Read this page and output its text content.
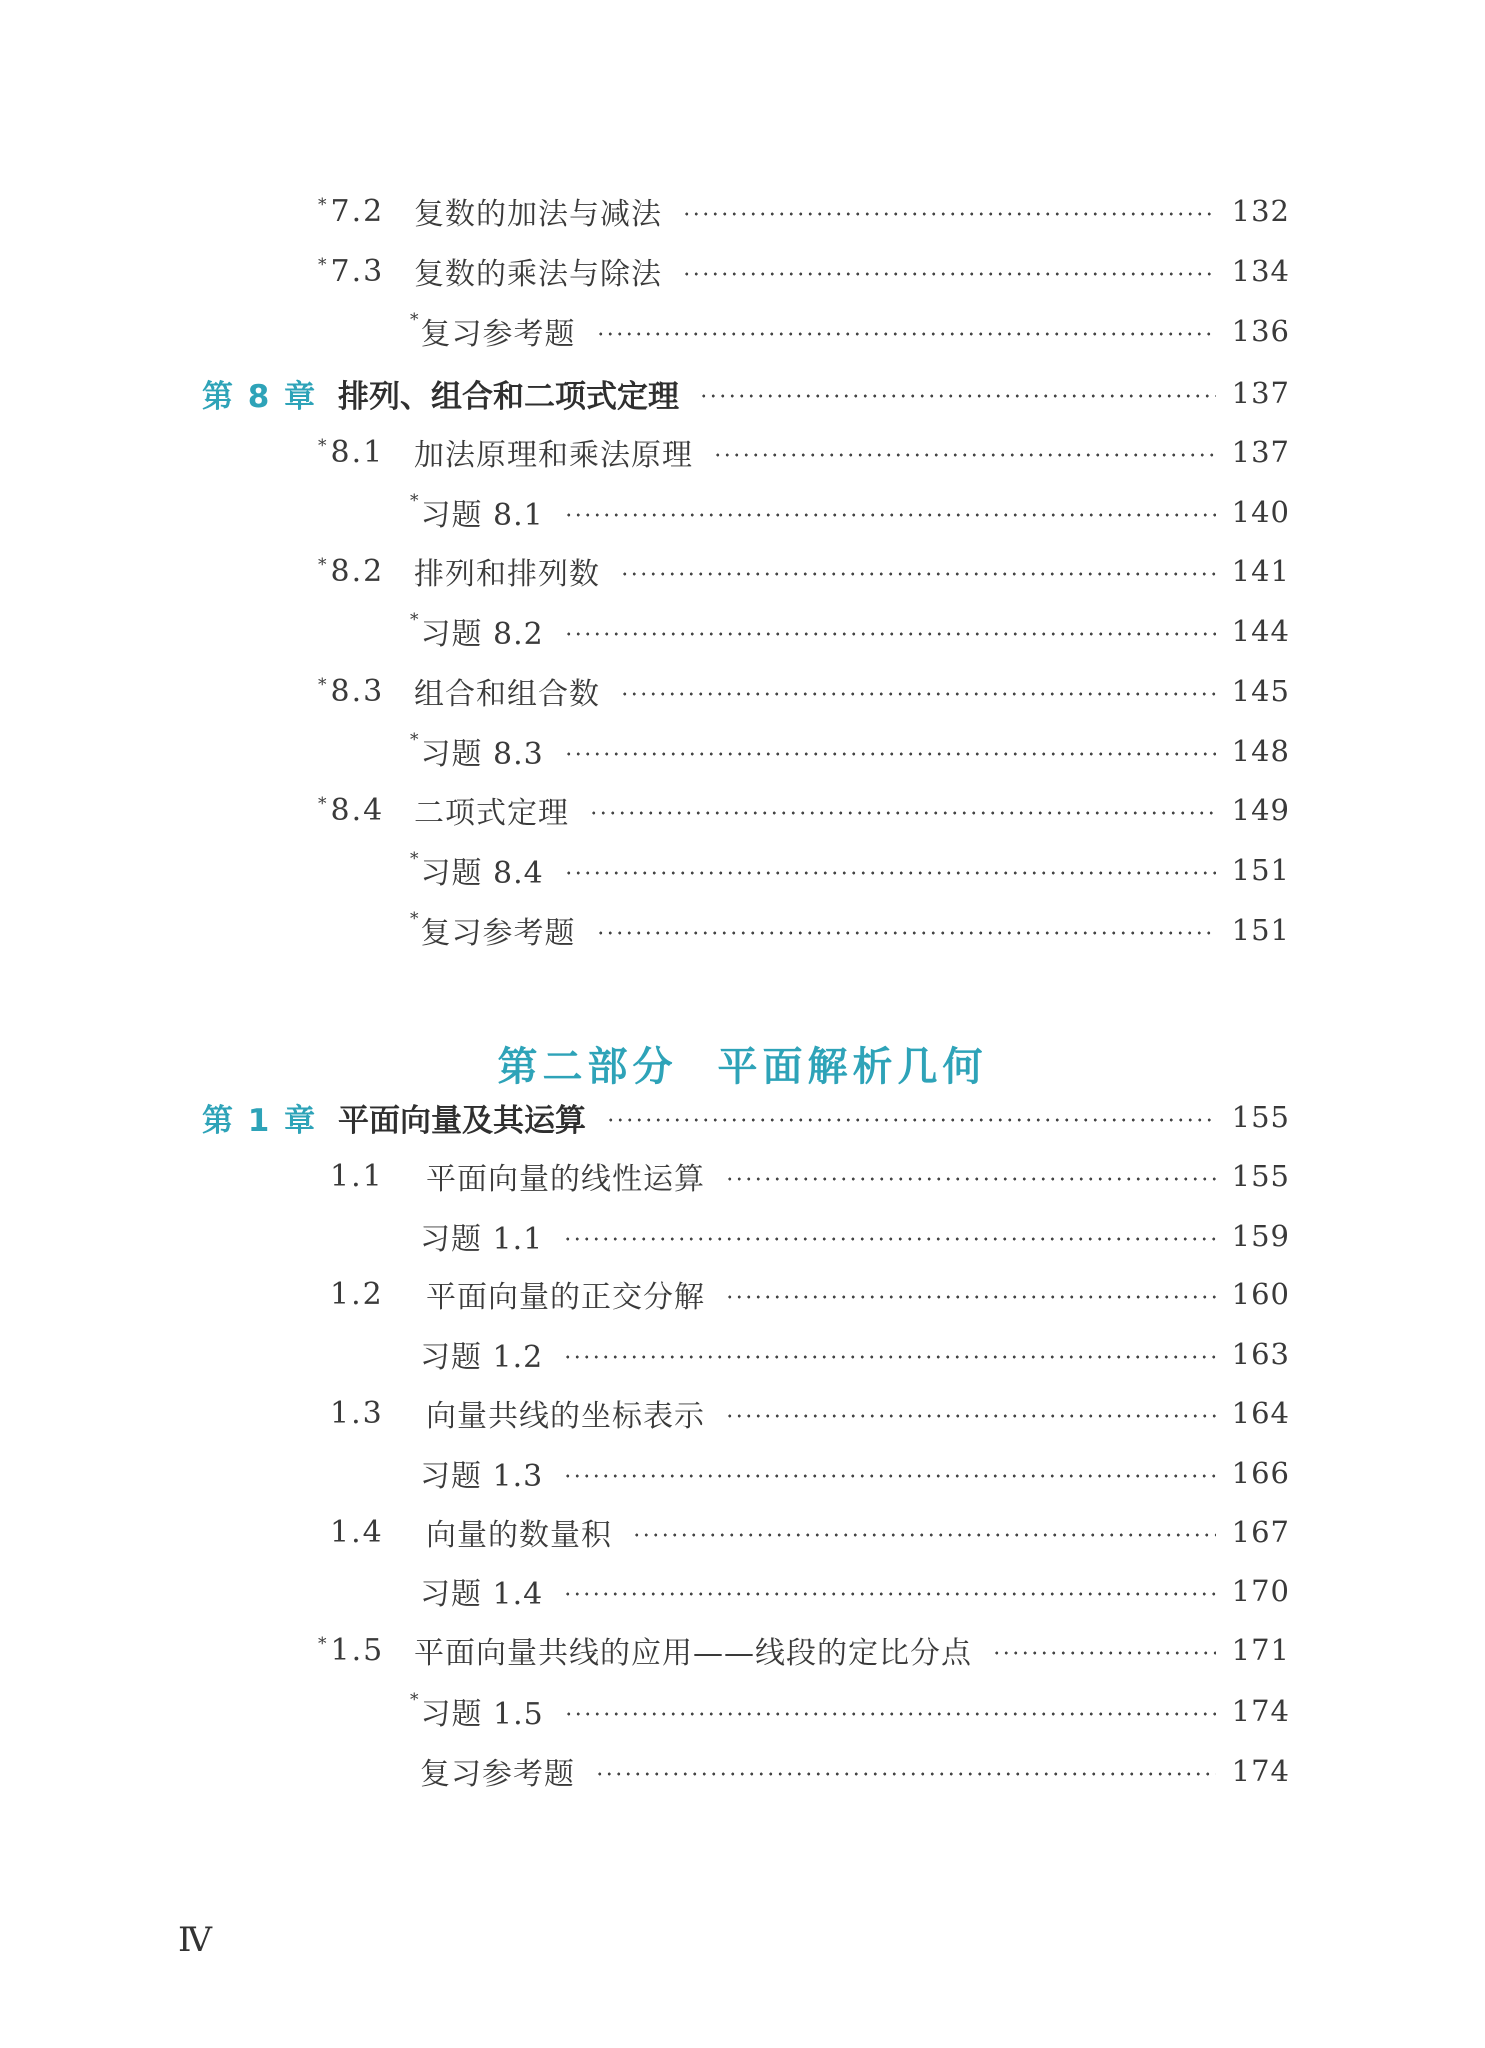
*7.2 复数的加法与减法	132
*7.3 复数的乘法与除法	134
* 复习参考题	136
第 8 章 排列、组合和二项式定理	137
*8.1 加法原理和乘法原理	137
* 习题 8.1	140
*8.2 排列和排列数	141
* 习题 8.2	144
*8.3 组合和组合数	145
* 习题 8.3	148
*8.4 二项式定理	149
* 习题 8.4	151
* 复习参考题	151
第 1 章 平面向量及其运算	155
1.1	平面向量的线性运算	155
习题 1.1	159
1.2	平面向量的正交分解	160
习题 1.2	163
1.3	向量共线的坐标表示	164
习题 1.3	166
1.4	向量的数量积	167
习题 1.4	170
*1.5 平面向量共线的应用——线段的定比分点	171
* 习题 1.5	174
复习参考题	174
第二部分 平面解析几何
Ⅳ
